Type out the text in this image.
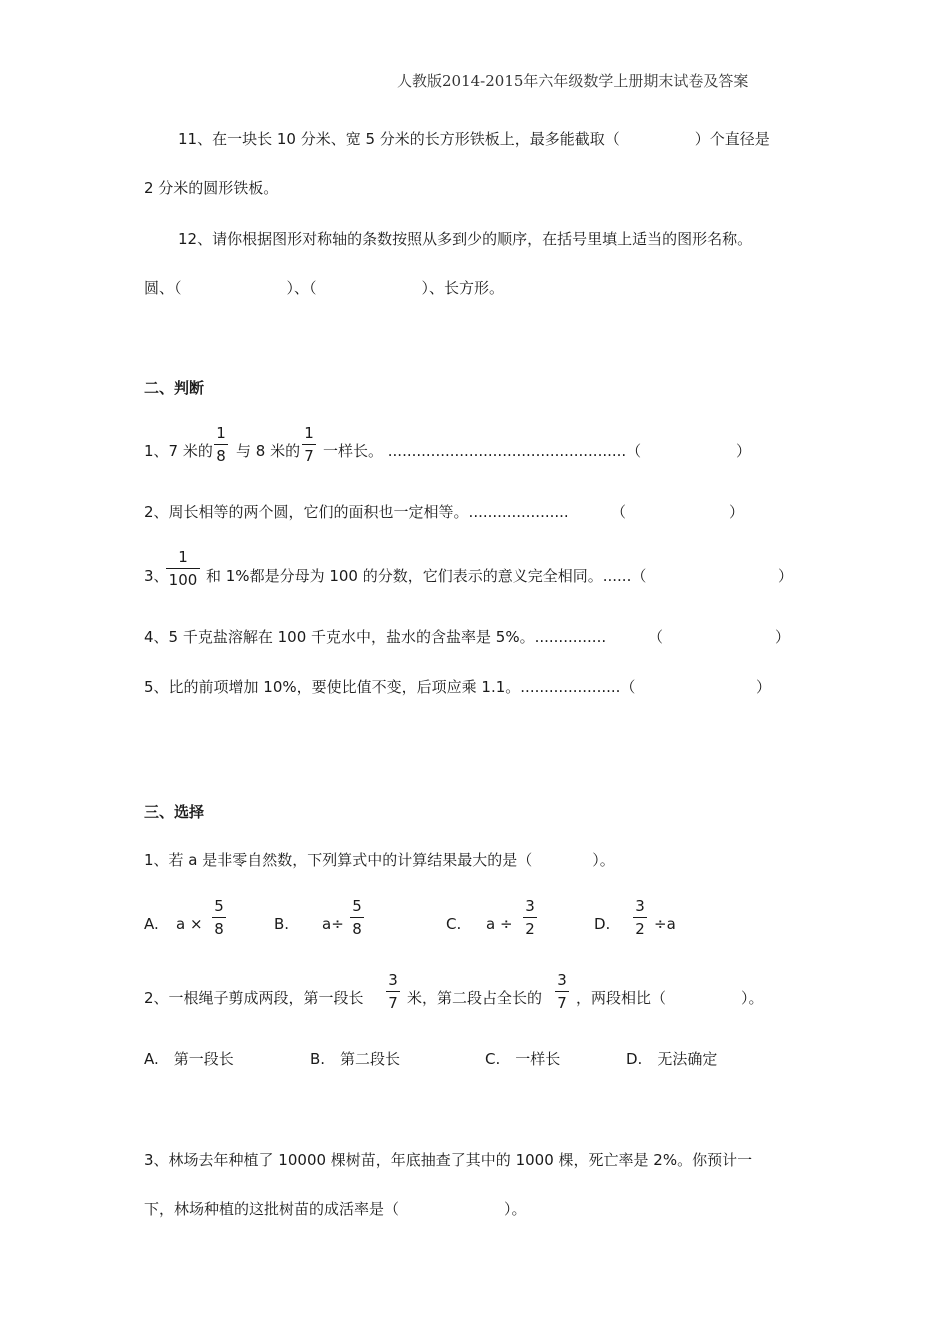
人教版2014-2015年六年级数学上册期末试卷及答案
11、在一块长 10 分米、宽 5 分米的长方形铁板上，最多能截取（　　　　　）个直径是
2 分米的圆形铁板。
12、请你根据图形对称轴的条数按照从多到少的顺序，在括号里填上适当的图形名称。
圆、（　　　　　　　）、（　　　　　　　）、长方形。
二、判断
1、7 米的
1
8 与 8 米的
1
7 一样长。 ..................................................（	）
2、周长相等的两个圆，它们的面积也一定相等。.....................	（	）
3、
1
100 和 1%都是分母为 100 的分数，它们表示的意义完全相同。......（	）
4、5 千克盐溶解在 100 千克水中，盐水的含盐率是 5%。...............	（	）
5、比的前项增加 10%，要使比值不变，后项应乘 1.1。.....................（	）
三、选择
1、若 a 是非零自然数，下列算式中的计算结果最大的是（　　　　）。
A. a ×
5
8	B. a÷
5
8	C. a ÷
3
2	D.
3
2 ÷a
2、一根绳子剪成两段，第一段长
3
7 米，第二段占全长的
3
7 ，两段相比（　　　　　）。
A.　第一段长	B.　第二段长	C.　一样长	D.　无法确定
3、林场去年种植了 10000 棵树苗，年底抽查了其中的 1000 棵，死亡率是 2%。你预计一
下，林场种植的这批树苗的成活率是（　　　　　　　）。
